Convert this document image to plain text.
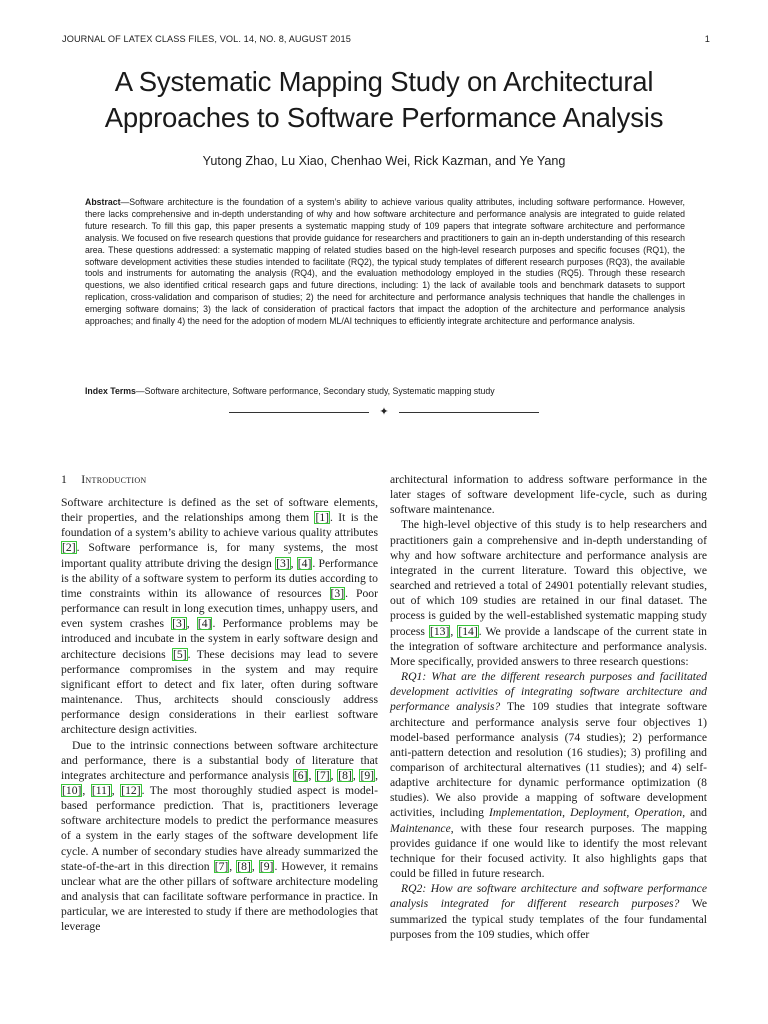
JOURNAL OF LATEX CLASS FILES, VOL. 14, NO. 8, AUGUST 2015	1
A Systematic Mapping Study on Architectural Approaches to Software Performance Analysis
Yutong Zhao, Lu Xiao, Chenhao Wei, Rick Kazman, and Ye Yang
Abstract—Software architecture is the foundation of a system’s ability to achieve various quality attributes, including software performance. However, there lacks comprehensive and in-depth understanding of why and how software architecture and performance analysis are integrated to guide related future research. To fill this gap, this paper presents a systematic mapping study of 109 papers that integrate software architecture and performance analysis. We focused on five research questions that provide guidance for researchers and practitioners to gain an in-depth understanding of this research area. These questions addressed: a systematic mapping of related studies based on the high-level research purposes and specific focuses (RQ1), the software development activities these studies intended to facilitate (RQ2), the typical study templates of different research purposes (RQ3), the available tools and instruments for automating the analysis (RQ4), and the evaluation methodology employed in the studies (RQ5). Through these research questions, we also identified critical research gaps and future directions, including: 1) the lack of available tools and benchmark datasets to support replication, cross-validation and comparison of studies; 2) the need for architecture and performance analysis techniques that handle the challenges in emerging software domains; 3) the lack of consideration of practical factors that impact the adoption of the architecture and performance analysis approaches; and finally 4) the need for the adoption of modern ML/AI techniques to efficiently integrate architecture and performance analysis.
Index Terms—Software architecture, Software performance, Secondary study, Systematic mapping study
✦
1 Introduction

Software architecture is defined as the set of software elements, their properties, and the relationships among them [1]. It is the foundation of a system’s ability to achieve various quality attributes [2]. Software performance is, for many systems, the most important quality attribute driving the design [3], [4]. Performance is the ability of a software system to perform its duties according to time constraints within its allowance of resources [3]. Poor performance can result in long execution times, unhappy users, and even system crashes [3], [4]. Performance problems may be introduced and incubate in the system in early software design and architecture decisions [5]. These decisions may lead to severe performance compromises in the system and may require significant effort to detect and fix later, often during software maintenance. Thus, architects should consciously address performance design considerations in their earliest software architecture design activities.

Due to the intrinsic connections between software architecture and performance, there is a substantial body of literature that integrates architecture and performance analysis [6], [7], [8], [9], [10], [11], [12]. The most thoroughly studied aspect is model-based performance prediction. That is, practitioners leverage software architecture models to predict the performance measures of a system in the early stages of the software development life cycle. A number of secondary studies have already summarized the state-of-the-art in this direction [7], [8], [9]. However, it remains unclear what are the other pillars of software architecture modeling and analysis that can facilitate software performance in practice. In particular, we are interested to study if there are methodologies that leverage

architectural information to address software performance in the later stages of software development life-cycle, such as during software maintenance.

The high-level objective of this study is to help researchers and practitioners gain a comprehensive and in-depth understanding of why and how software architecture and performance analysis are integrated in the current literature. Toward this objective, we searched and retrieved a total of 24901 potentially relevant studies, out of which 109 studies are retained in our final dataset. The process is guided by the well-established systematic mapping study process [13], [14]. We provide a landscape of the current state in the integration of software architecture and performance analysis. More specifically, provided answers to three research questions:

RQ1: What are the different research purposes and facilitated development activities of integrating software architecture and performance analysis? The 109 studies that integrate software architecture and performance analysis serve four objectives 1) model-based performance analysis (74 studies); 2) performance anti-pattern detection and resolution (16 studies); 3) profiling and comparison of architectural alternatives (11 studies); and 4) self-adaptive architecture for dynamic performance optimization (8 studies). We also provide a mapping of software development activities, including Implementation, Deployment, Operation, and Maintenance, with these four research purposes. The mapping provides guidance if one would like to identify the most relevant technique for their focused activity. It also highlights gaps that could be filled in future research.

RQ2: How are software architecture and software performance analysis integrated for different research purposes? We summarized the typical study templates of the four fundamental purposes from the 109 studies, which offer
